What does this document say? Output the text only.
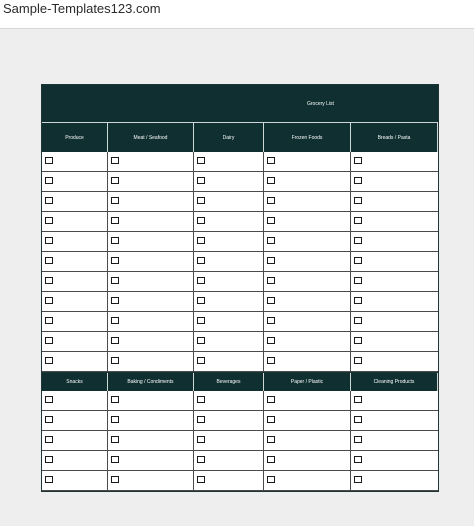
Sample-Templates123.com
Grocery List
Produce	Meat / Seafood	Dairy	Frozen Foods	Breads / Pasta
Snacks	Baking / Condiments	Beverages	Paper / Plastic	Cleaning Products
